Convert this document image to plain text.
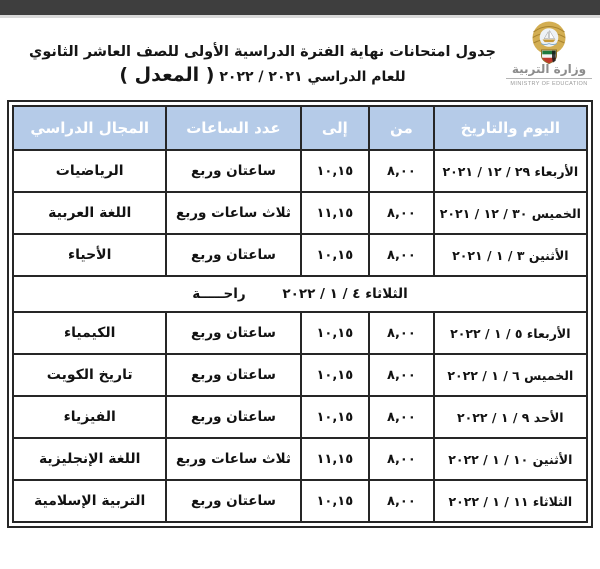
وزارة التربية
MINISTRY OF EDUCATION
جدول امتحانات نهاية الفترة الدراسية الأولى للصف العاشر الثانوي
للعام الدراسي ٢٠٢١ / ٢٠٢٢ ( المعدل )
اليوم والتاريخ	من	إلى	عدد الساعات	المجال الدراسي
الأربعاء ٢٩ / ١٢ / ٢٠٢١	٨,٠٠	١٠,١٥	ساعتان وربع	الرياضيات
الخميس ٣٠ / ١٢ / ٢٠٢١	٨,٠٠	١١,١٥	ثلاث ساعات وربع	اللغة العربية
الأثنين ٣ / ١ / ٢٠٢١	٨,٠٠	١٠,١٥	ساعتان وربع	الأحياء
الثلاثاء ٤ / ١ / ٢٠٢٢ راحـــــة				
الأربعاء ٥ / ١ / ٢٠٢٢	٨,٠٠	١٠,١٥	ساعتان وربع	الكيمياء
الخميس ٦ / ١ / ٢٠٢٢	٨,٠٠	١٠,١٥	ساعتان وربع	تاريخ الكويت
الأحد ٩ / ١ / ٢٠٢٢	٨,٠٠	١٠,١٥	ساعتان وربع	الفيزياء
الأثنين ١٠ / ١ / ٢٠٢٢	٨,٠٠	١١,١٥	ثلاث ساعات وربع	اللغة الإنجليزية
الثلاثاء ١١ / ١ / ٢٠٢٢	٨,٠٠	١٠,١٥	ساعتان وربع	التربية الإسلامية
